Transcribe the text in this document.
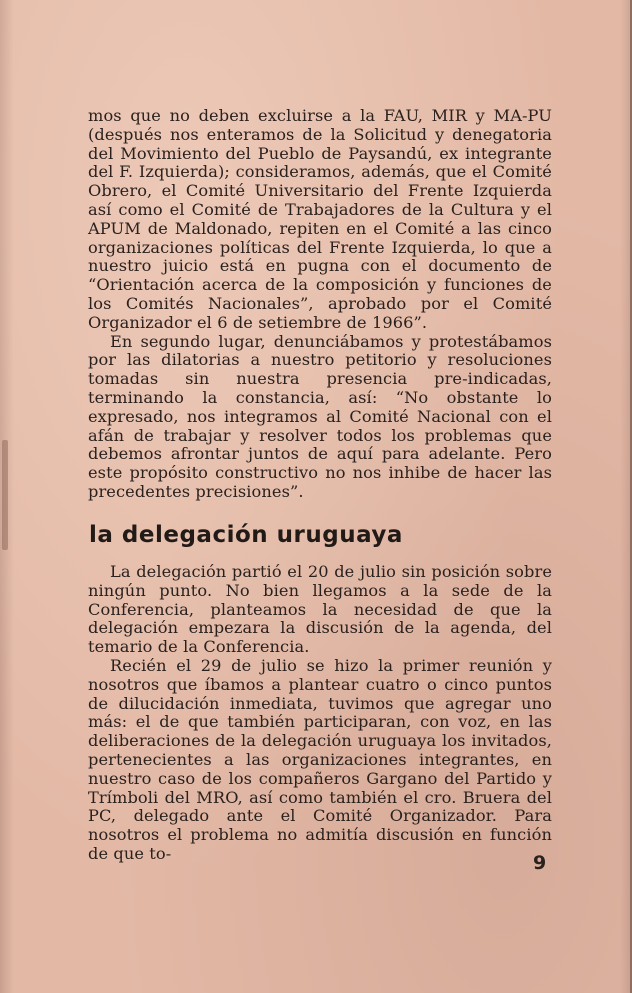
mos que no deben excluirse a la FAU, MIR y MA-PU (después nos enteramos de la Solicitud y denegatoria del Movimiento del Pueblo de Paysandú, ex integrante del F. Izquierda); consideramos, además, que el Comité Obrero, el Comité Universitario del Frente Izquierda así como el Comité de Trabajadores de la Cultura y el APUM de Maldonado, repiten en el Comité a las cinco organizaciones políticas del Frente Izquierda, lo que a nuestro juicio está en pugna con el documento de “Orientación acerca de la composición y funciones de los Comités Nacionales”, aprobado por el Comité Organizador el 6 de setiembre de 1966”.

En segundo lugar, denunciábamos y protestábamos por las dilatorias a nuestro petitorio y resoluciones tomadas sin nuestra presencia pre-indicadas, terminando la constancia, así: “No obstante lo expresado, nos integramos al Comité Nacional con el afán de trabajar y resolver todos los problemas que debemos afrontar juntos de aquí para adelante. Pero este propósito constructivo no nos inhibe de hacer las precedentes precisiones”.

la delegación uruguaya

La delegación partió el 20 de julio sin posición sobre ningún punto. No bien llegamos a la sede de la Conferencia, planteamos la necesidad de que la delegación empezara la discusión de la agenda, del temario de la Conferencia.

Recién el 29 de julio se hizo la primer reunión y nosotros que íbamos a plantear cuatro o cinco puntos de dilucidación inmediata, tuvimos que agregar uno más: el de que también participaran, con voz, en las deliberaciones de la delegación uruguaya los invitados, pertenecientes a las organizaciones integrantes, en nuestro caso de los compañeros Gargano del Partido y Trímboli del MRO, así como también el cro. Bruera del PC, delegado ante el Comité Organizador. Para nosotros el problema no admitía discusión en función de que to-	9
